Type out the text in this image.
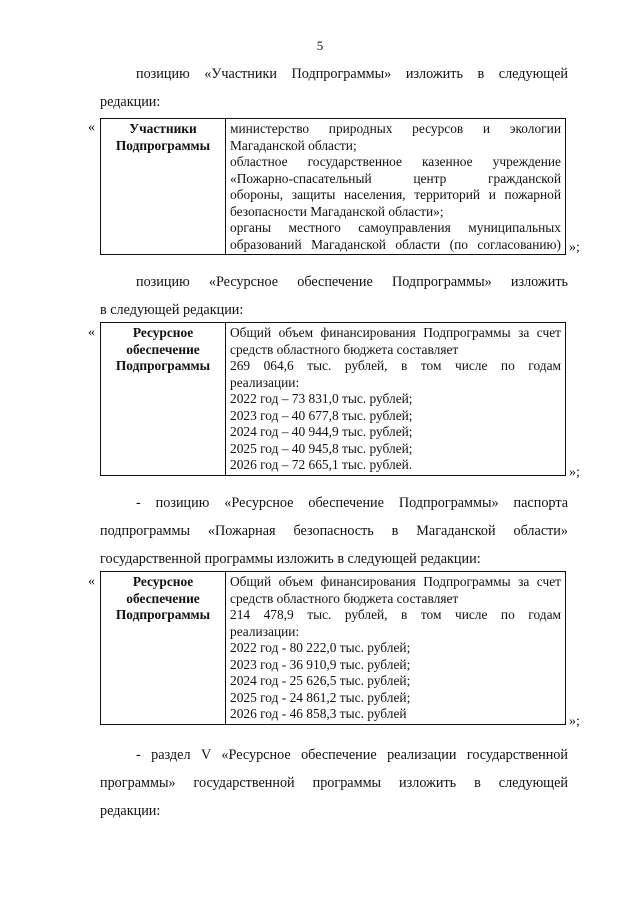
5
позицию «Участники Подпрограммы» изложить в следующей
редакции:
«	Участники
Подпрограммы

министерство природных ресурсов и экологии
Магаданской области;
областное государственное казенное учреждение
«Пожарно-спасательный центр гражданской
обороны, защиты населения, территорий и пожарной
безопасности Магаданской области»;
органы местного самоуправления муниципальных
образований Магаданской области (по согласованию) »;
позицию «Ресурсное обеспечение Подпрограммы» изложить
в следующей редакции:
«	Ресурсное
обеспечение
Подпрограммы

Общий объем финансирования Подпрограммы за счет
средств областного бюджета составляет
269 064,6 тыс. рублей, в том числе по годам
реализации:
2022 год – 73 831,0 тыс. рублей;
2023 год – 40 677,8 тыс. рублей;
2024 год – 40 944,9 тыс. рублей;
2025 год – 40 945,8 тыс. рублей;
2026 год – 72 665,1 тыс. рублей.
»;
- позицию «Ресурсное обеспечение Подпрограммы» паспорта
подпрограммы «Пожарная безопасность в Магаданской области»
государственной программы изложить в следующей редакции:
«	Ресурсное
обеспечение
Подпрограммы

Общий объем финансирования Подпрограммы за счет
средств областного бюджета составляет
214 478,9 тыс. рублей, в том числе по годам
реализации:
2022 год - 80 222,0 тыс. рублей;
2023 год - 36 910,9 тыс. рублей;
2024 год - 25 626,5 тыс. рублей;
2025 год - 24 861,2 тыс. рублей;
2026 год - 46 858,3 тыс. рублей
»;
- раздел V «Ресурсное обеспечение реализации государственной
программы» государственной программы изложить в следующей
редакции:
